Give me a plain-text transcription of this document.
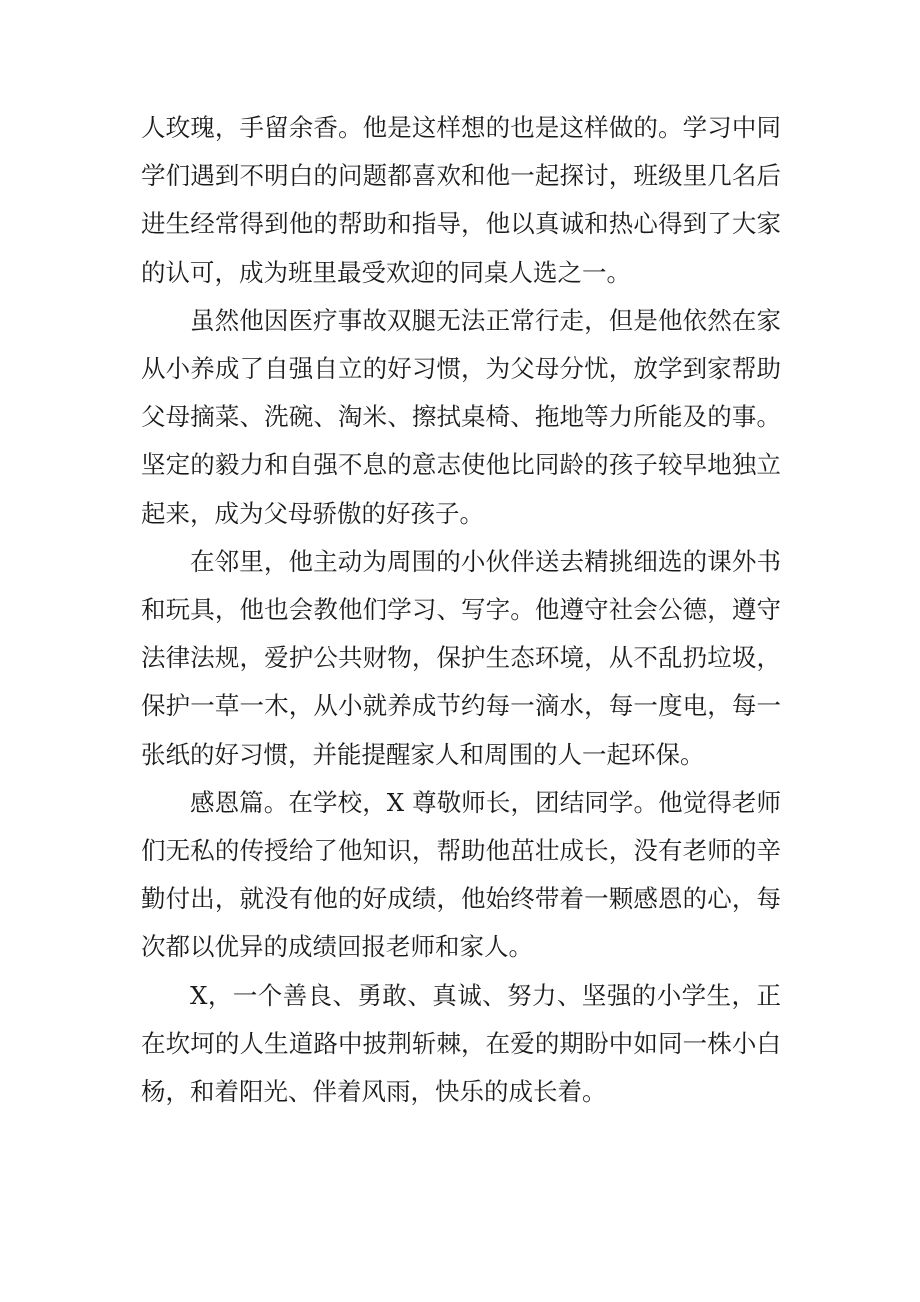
人玫瑰，手留余香。他是这样想的也是这样做的。学习中同学们遇到不明白的问题都喜欢和他一起探讨，班级里几名后进生经常得到他的帮助和指导，他以真诚和热心得到了大家的认可，成为班里最受欢迎的同桌人选之一。

虽然他因医疗事故双腿无法正常行走，但是他依然在家从小养成了自强自立的好习惯，为父母分忧，放学到家帮助父母摘菜、洗碗、淘米、擦拭桌椅、拖地等力所能及的事。坚定的毅力和自强不息的意志使他比同龄的孩子较早地独立起来，成为父母骄傲的好孩子。

在邻里，他主动为周围的小伙伴送去精挑细选的课外书和玩具，他也会教他们学习、写字。他遵守社会公德，遵守法律法规，爱护公共财物，保护生态环境，从不乱扔垃圾，保护一草一木，从小就养成节约每一滴水，每一度电，每一张纸的好习惯，并能提醒家人和周围的人一起环保。

感恩篇。在学校，X 尊敬师长，团结同学。他觉得老师们无私的传授给了他知识，帮助他茁壮成长，没有老师的辛勤付出，就没有他的好成绩，他始终带着一颗感恩的心，每次都以优异的成绩回报老师和家人。

X，一个善良、勇敢、真诚、努力、坚强的小学生，正在坎坷的人生道路中披荆斩棘，在爱的期盼中如同一株小白杨，和着阳光、伴着风雨，快乐的成长着。
